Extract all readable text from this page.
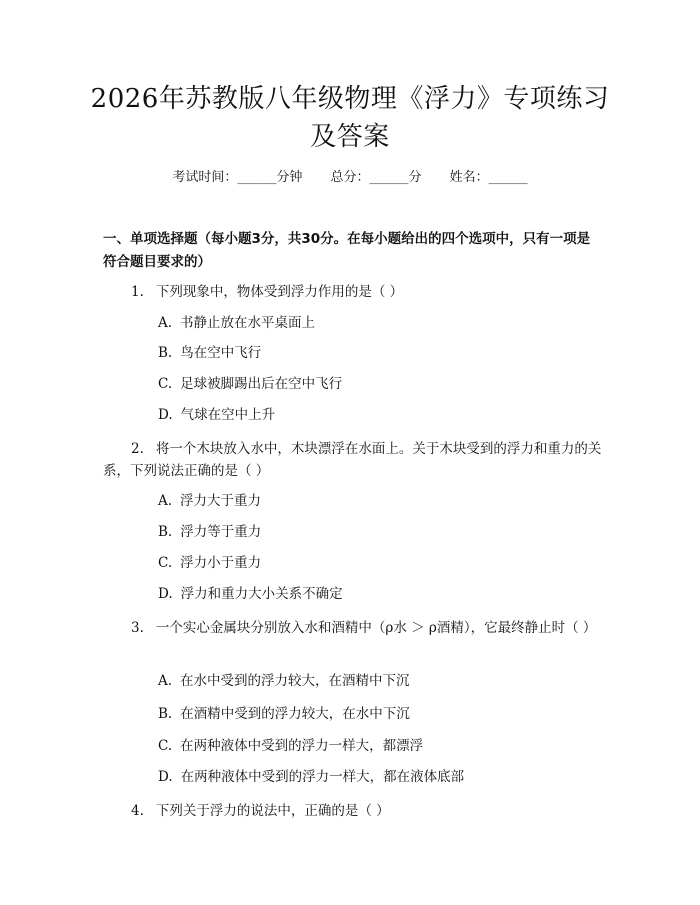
2026年苏教版八年级物理《浮力》专项练习及答案
考试时间：______分钟 总分：______分 姓名：______
一、单项选择题（每小题3分，共30分。在每小题给出的四个选项中，只有一项是符合题目要求的）
1. 下列现象中，物体受到浮力作用的是（ ）
A. 书静止放在水平桌面上
B. 鸟在空中飞行
C. 足球被脚踢出后在空中飞行
D. 气球在空中上升
2. 将一个木块放入水中，木块漂浮在水面上。关于木块受到的浮力和重力的关系，下列说法正确的是（ ）
A. 浮力大于重力
B. 浮力等于重力
C. 浮力小于重力
D. 浮力和重力大小关系不确定
3. 一个实心金属块分别放入水和酒精中（ρ水 ＞ ρ酒精），它最终静止时（ ）
A. 在水中受到的浮力较大，在酒精中下沉
B. 在酒精中受到的浮力较大，在水中下沉
C. 在两种液体中受到的浮力一样大，都漂浮
D. 在两种液体中受到的浮力一样大，都在液体底部
4. 下列关于浮力的说法中，正确的是（ ）
